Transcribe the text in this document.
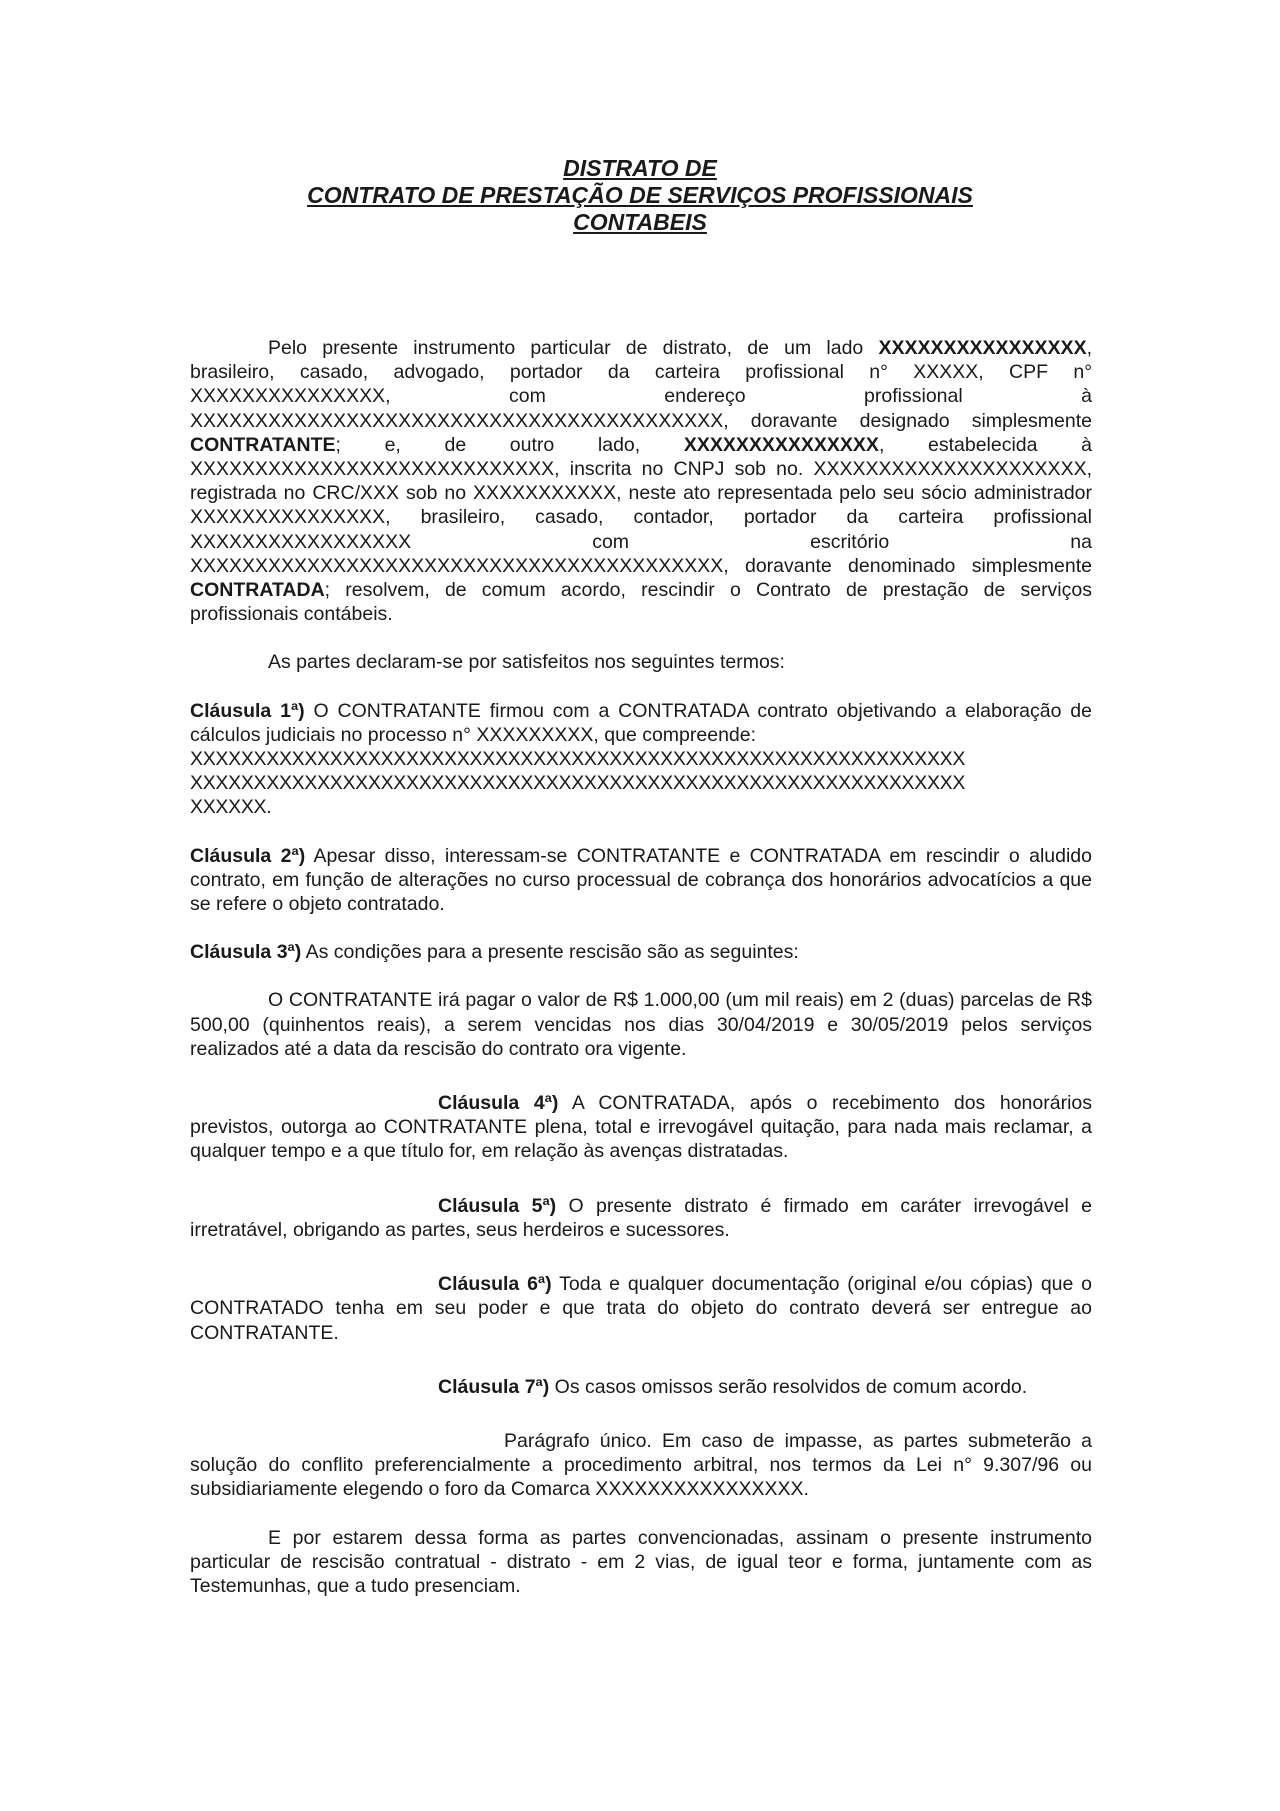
DISTRATO DE
CONTRATO DE PRESTAÇÃO DE SERVIÇOS PROFISSIONAIS
CONTABEIS

Pelo presente instrumento particular de distrato, de um lado XXXXXXXXXXXXXXXX, brasileiro, casado, advogado, portador da carteira profissional n° XXXXX, CPF n° XXXXXXXXXXXXXXX, com endereço profissional à XXXXXXXXXXXXXXXXXXXXXXXXXXXXXXXXXXXXXXXXX, doravante designado simplesmente CONTRATANTE; e, de outro lado, XXXXXXXXXXXXXXX, estabelecida à XXXXXXXXXXXXXXXXXXXXXXXXXXXX, inscrita no CNPJ sob no. XXXXXXXXXXXXXXXXXXXXX, registrada no CRC/XXX sob no XXXXXXXXXXX, neste ato representada pelo seu sócio administrador XXXXXXXXXXXXXXX, brasileiro, casado, contador, portador da carteira profissional XXXXXXXXXXXXXXXXX com escritório na XXXXXXXXXXXXXXXXXXXXXXXXXXXXXXXXXXXXXXXXX, doravante denominado simplesmente CONTRATADA; resolvem, de comum acordo, rescindir o Contrato de prestação de serviços profissionais contábeis.

As partes declaram-se por satisfeitos nos seguintes termos:

Cláusula 1ª) O CONTRATANTE firmou com a CONTRATADA contrato objetivando a elaboração de cálculos judiciais no processo n° XXXXXXXXX, que compreende:

XXXXXXXXXXXXXXXXXXXXXXXXXXXXXXXXXXXXXXXXXXXXXXXXXXXXXXXXXXXXX

XXXXXXXXXXXXXXXXXXXXXXXXXXXXXXXXXXXXXXXXXXXXXXXXXXXXXXXXXXXXX

XXXXXX.

Cláusula 2ª) Apesar disso, interessam-se CONTRATANTE e CONTRATADA em rescindir o aludido contrato, em função de alterações no curso processual de cobrança dos honorários advocatícios a que se refere o objeto contratado.

Cláusula 3ª) As condições para a presente rescisão são as seguintes:

O CONTRATANTE irá pagar o valor de R$ 1.000,00 (um mil reais) em 2 (duas) parcelas de R$ 500,00 (quinhentos reais), a serem vencidas nos dias 30/04/2019 e 30/05/2019 pelos serviços realizados até a data da rescisão do contrato ora vigente.

Cláusula 4ª) A CONTRATADA, após o recebimento dos honorários previstos, outorga ao CONTRATANTE plena, total e irrevogável quitação, para nada mais reclamar, a qualquer tempo e a que título for, em relação às avenças distratadas.

Cláusula 5ª) O presente distrato é firmado em caráter irrevogável e irretratável, obrigando as partes, seus herdeiros e sucessores.

Cláusula 6ª) Toda e qualquer documentação (original e/ou cópias) que o CONTRATADO tenha em seu poder e que trata do objeto do contrato deverá ser entregue ao CONTRATANTE.

Cláusula 7ª) Os casos omissos serão resolvidos de comum acordo.

Parágrafo único. Em caso de impasse, as partes submeterão a solução do conflito preferencialmente a procedimento arbitral, nos termos da Lei n° 9.307/96 ou subsidiariamente elegendo o foro da Comarca XXXXXXXXXXXXXXXX.

E por estarem dessa forma as partes convencionadas, assinam o presente instrumento particular de rescisão contratual - distrato - em 2 vias, de igual teor e forma, juntamente com as Testemunhas, que a tudo presenciam.
